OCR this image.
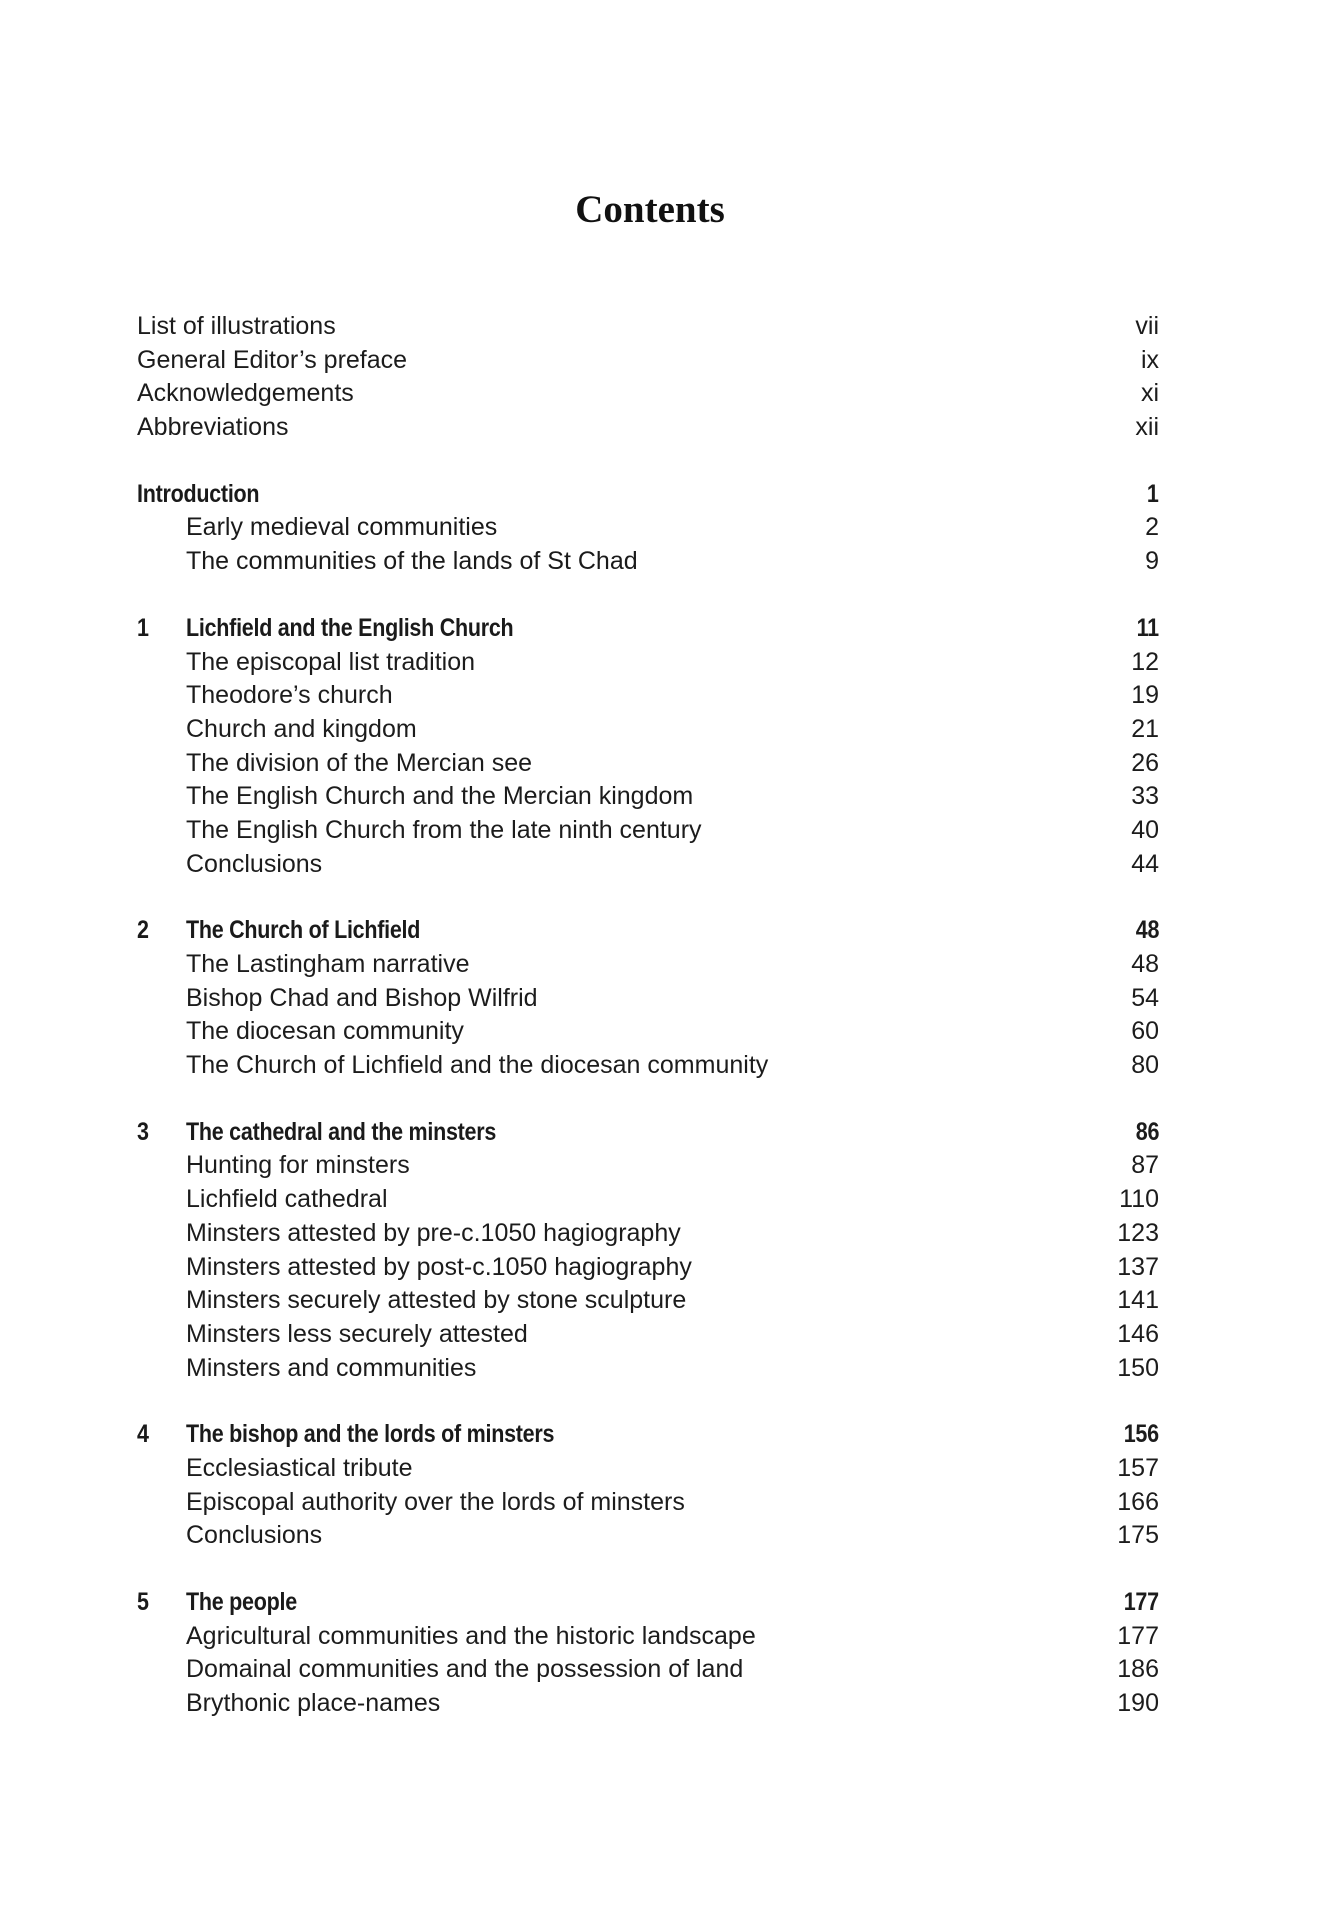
Contents
List of illustrations	vii
General Editor’s preface	ix
Acknowledgements	xi
Abbreviations	xii
Introduction	1
Early medieval communities	2
The communities of the lands of St Chad	9
1 Lichfield and the English Church	11
The episcopal list tradition	12
Theodore’s church	19
Church and kingdom	21
The division of the Mercian see	26
The English Church and the Mercian kingdom	33
The English Church from the late ninth century	40
Conclusions	44
2 The Church of Lichfield	48
The Lastingham narrative	48
Bishop Chad and Bishop Wilfrid	54
The diocesan community	60
The Church of Lichfield and the diocesan community	80
3 The cathedral and the minsters	86
Hunting for minsters	87
Lichfield cathedral	110
Minsters attested by pre-c.1050 hagiography	123
Minsters attested by post-c.1050 hagiography	137
Minsters securely attested by stone sculpture	141
Minsters less securely attested	146
Minsters and communities	150
4 The bishop and the lords of minsters	156
Ecclesiastical tribute	157
Episcopal authority over the lords of minsters	166
Conclusions	175
5 The people	177
Agricultural communities and the historic landscape	177
Domainal communities and the possession of land	186
Brythonic place-names	190
